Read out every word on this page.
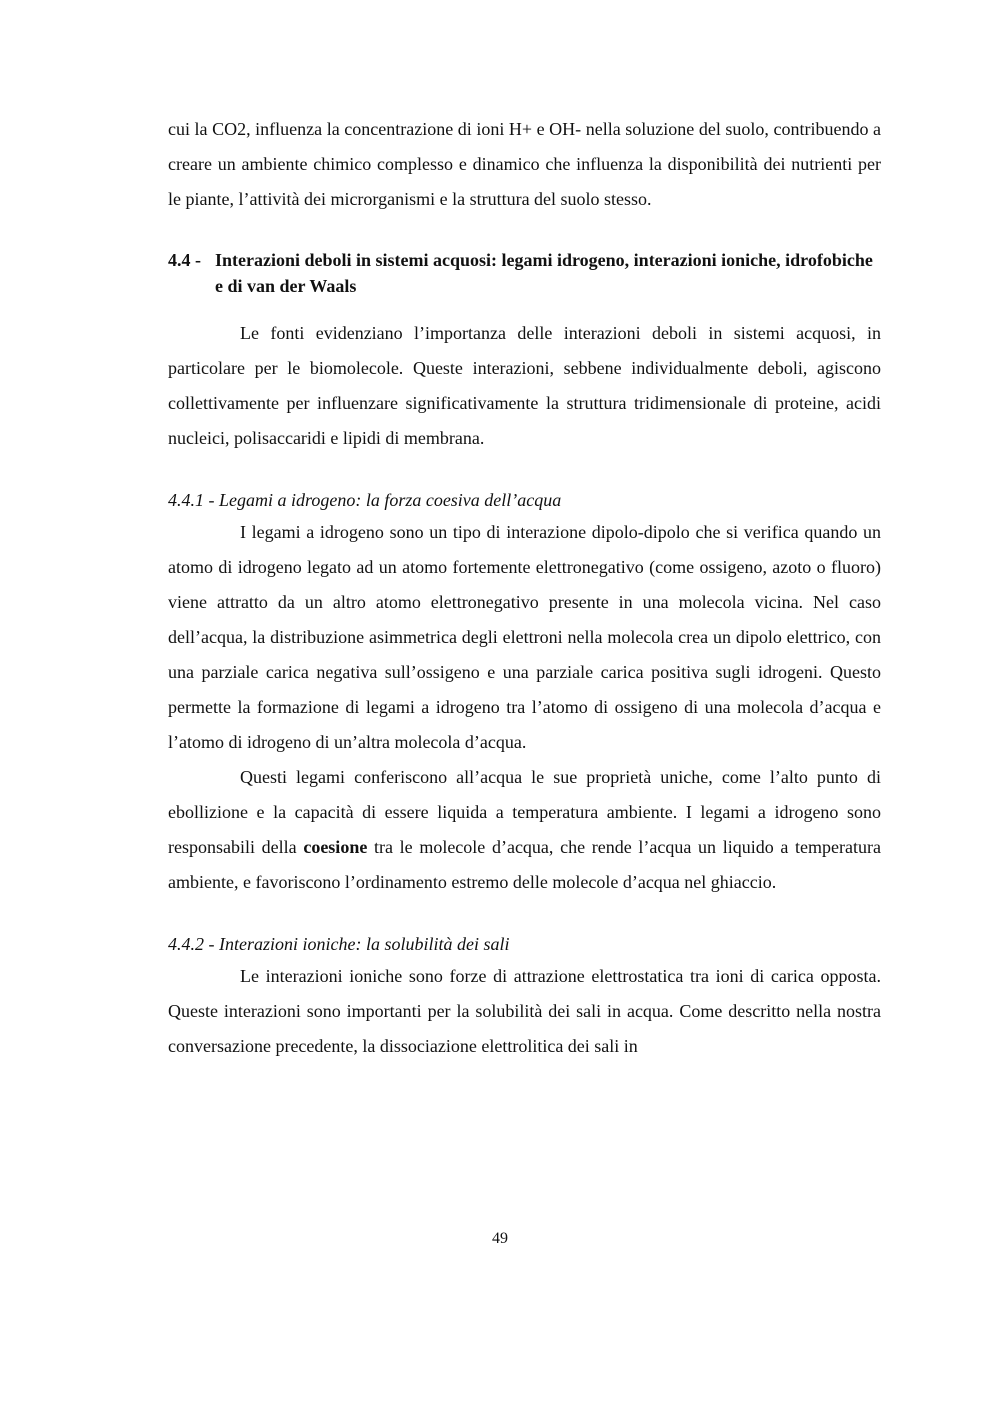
cui la CO2, influenza la concentrazione di ioni H+ e OH- nella soluzione del suolo, contribuendo a creare un ambiente chimico complesso e dinamico che influenza la disponibilità dei nutrienti per le piante, l’attività dei microrganismi e la struttura del suolo stesso.

4.4 - Interazioni deboli in sistemi acquosi: legami idrogeno, interazioni ioniche, idrofobiche e di van der Waals

Le fonti evidenziano l’importanza delle interazioni deboli in sistemi acquosi, in particolare per le biomolecole. Queste interazioni, sebbene individualmente deboli, agiscono collettivamente per influenzare significativamente la struttura tridimensionale di proteine, acidi nucleici, polisaccaridi e lipidi di membrana.

4.4.1 - Legami a idrogeno: la forza coesiva dell’acqua

I legami a idrogeno sono un tipo di interazione dipolo-dipolo che si verifica quando un atomo di idrogeno legato ad un atomo fortemente elettronegativo (come ossigeno, azoto o fluoro) viene attratto da un altro atomo elettronegativo presente in una molecola vicina. Nel caso dell’acqua, la distribuzione asimmetrica degli elettroni nella molecola crea un dipolo elettrico, con una parziale carica negativa sull’ossigeno e una parziale carica positiva sugli idrogeni. Questo permette la formazione di legami a idrogeno tra l’atomo di ossigeno di una molecola d’acqua e l’atomo di idrogeno di un’altra molecola d’acqua.

Questi legami conferiscono all’acqua le sue proprietà uniche, come l’alto punto di ebollizione e la capacità di essere liquida a temperatura ambiente. I legami a idrogeno sono responsabili della coesione tra le molecole d’acqua, che rende l’acqua un liquido a temperatura ambiente, e favoriscono l’ordinamento estremo delle molecole d’acqua nel ghiaccio.

4.4.2 - Interazioni ioniche: la solubilità dei sali

Le interazioni ioniche sono forze di attrazione elettrostatica tra ioni di carica opposta. Queste interazioni sono importanti per la solubilità dei sali in acqua. Come descritto nella nostra conversazione precedente, la dissociazione elettrolitica dei sali in

49
